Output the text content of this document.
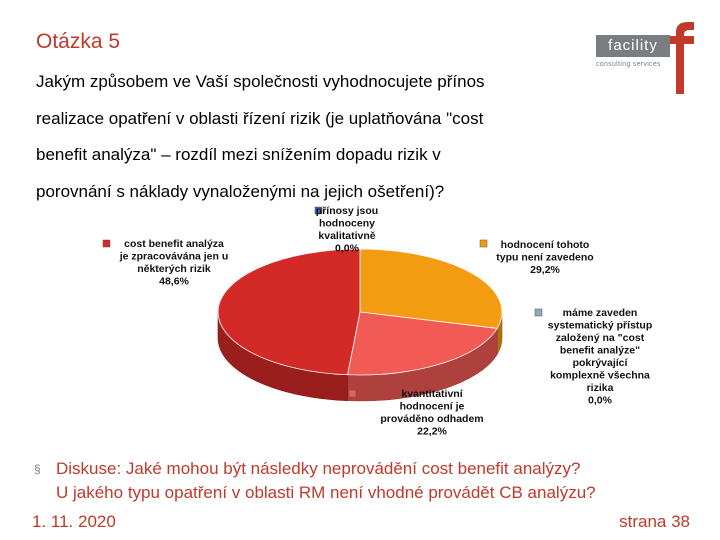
Otázka 5
Jakým způsobem ve Vaší společnosti vyhodnocujete přínos
realizace opatření v oblasti řízení rizik (je uplatňována "cost
benefit analýza" – rozdíl mezi snížením dopadu rizik v
porovnání s náklady vynaloženými na jejich ošetření)?
facility
consulting services
přínosy jsou
hodnoceny
kvalitativně
0,0%	hodnocení tohoto
typu není zavedeno
29,2%
máme zaveden
systematický přístup
založený na "cost
benefit analýze"
pokrývající
komplexně všechna
rizika
0,0%
kvantitativní
hodnocení je
prováděno odhadem
22,2%
cost benefit analýza
je zpracovávána jen u
některých rizik
48,6%
§ Diskuse: Jaké mohou být následky neprovádění cost benefit analýzy?
U jakého typu opatření v oblasti RM není vhodné provádět CB analýzu?
1. 11. 2020	strana 38
